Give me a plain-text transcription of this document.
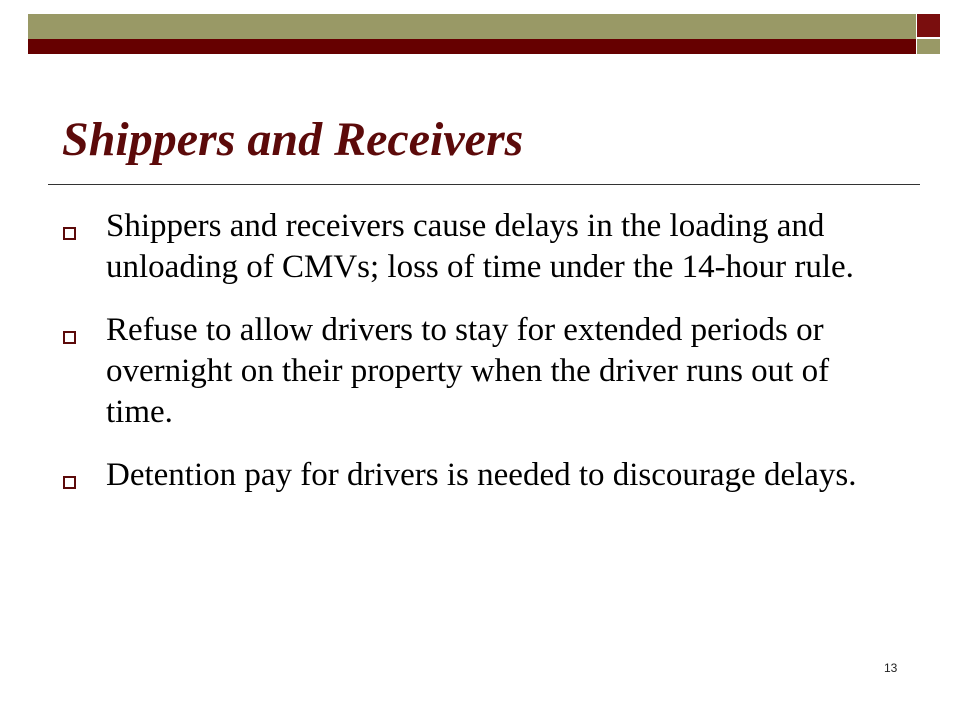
Shippers and Receivers
Shippers and receivers cause delays in the loading and unloading of CMVs; loss of time under the 14-hour rule.
Refuse to allow drivers to stay for extended periods or overnight on their property when the driver runs out of time.
Detention pay for drivers is needed to discourage delays.
13
